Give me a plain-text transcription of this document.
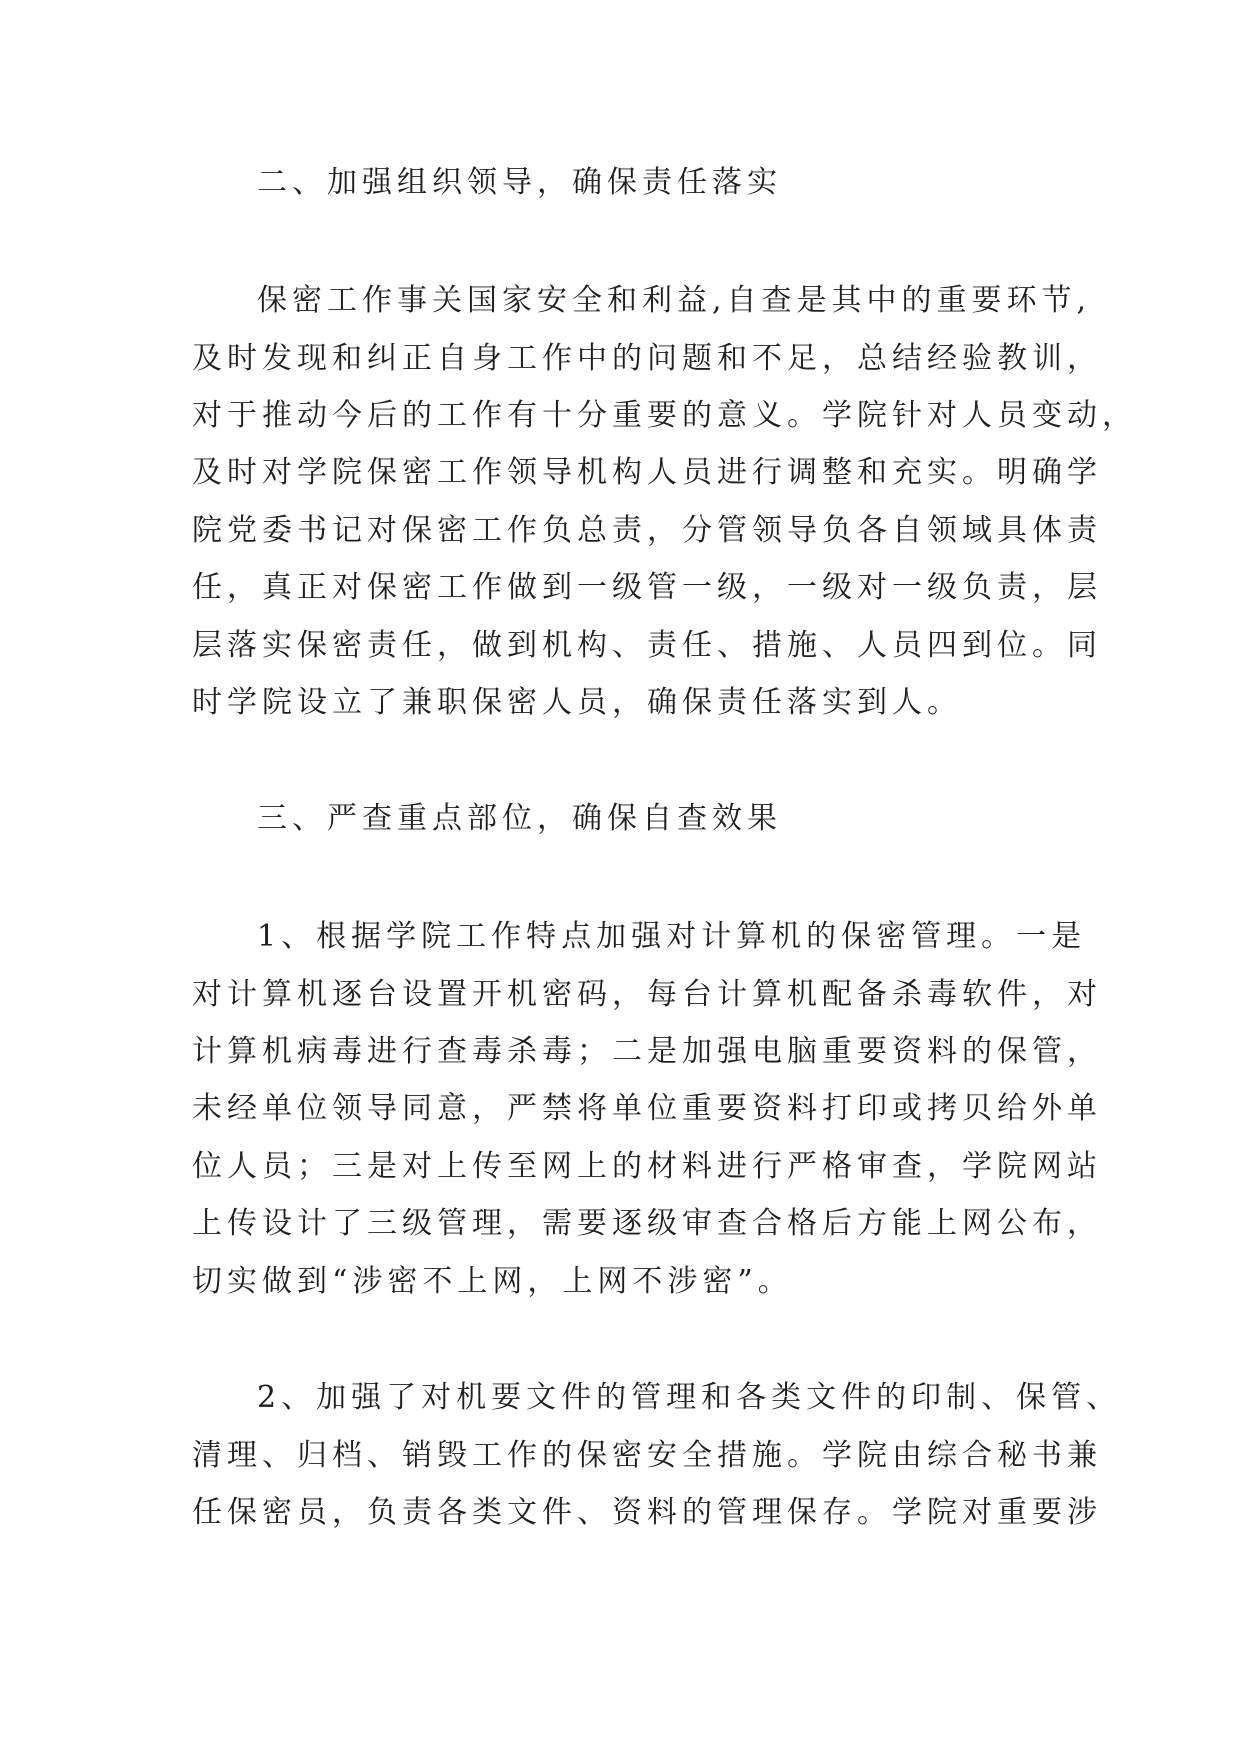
二、加强组织领导，确保责任落实

保密工作事关国家安全和利益,自查是其中的重要环节,

及时发现和纠正自身工作中的问题和不足，总结经验教训，

对于推动今后的工作有十分重要的意义。学院针对人员变动，

及时对学院保密工作领导机构人员进行调整和充实。明确学

院党委书记对保密工作负总责，分管领导负各自领域具体责

任，真正对保密工作做到一级管一级，一级对一级负责，层

层落实保密责任，做到机构、责任、措施、人员四到位。同

时学院设立了兼职保密人员，确保责任落实到人。

三、严查重点部位，确保自查效果

1、根据学院工作特点加强对计算机的保密管理。一是

对计算机逐台设置开机密码，每台计算机配备杀毒软件，对

计算机病毒进行查毒杀毒；二是加强电脑重要资料的保管，

未经单位领导同意，严禁将单位重要资料打印或拷贝给外单

位人员；三是对上传至网上的材料进行严格审查，学院网站

上传设计了三级管理，需要逐级审查合格后方能上网公布，

切实做到“涉密不上网，上网不涉密”。

2、加强了对机要文件的管理和各类文件的印制、保管、

清理、归档、销毁工作的保密安全措施。学院由综合秘书兼

任保密员，负责各类文件、资料的管理保存。学院对重要涉
